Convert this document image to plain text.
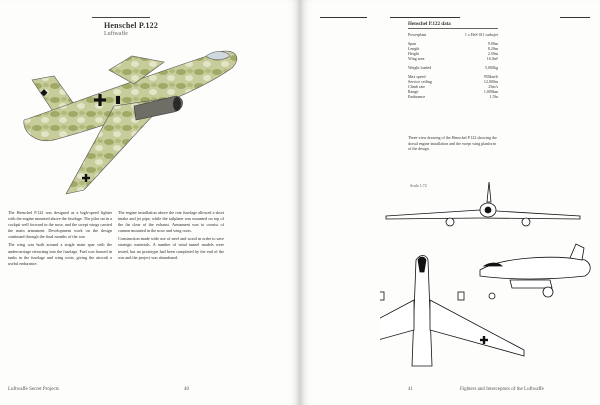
Henschel P.122
Luftwaffe

The Henschel P.122 was designed as a high-speed fighter with the engine mounted above the fuselage. The pilot sat in a cockpit well forward in the nose, and the swept wings carried the main armament. Development work on the design continued through the final months of the war.

The wing was built around a single main spar with the undercarriage retracting into the fuselage. Fuel was housed in tanks in the fuselage and wing roots, giving the aircraft a useful endurance.

The engine installation above the rear fuselage allowed a short intake and jet pipe, while the tailplane was mounted on top of the fin clear of the exhaust. Armament was to consist of cannon mounted in the nose and wing roots.

Construction made wide use of steel and wood in order to save strategic materials. A number of wind tunnel models were tested, but no prototype had been completed by the end of the war and the project was abandoned.

Luftwaffe Secret Projects	40
Henschel P.122 data
Powerplant	1 x HeS 011 turbojet
Span	9.00m
Length	8.20m
Height	2.50m
Wing area	16.0m²
Weight loaded	5,000kg
Max speed	950km/h
Service ceiling	12,000m
Climb rate	25m/s
Range	1,000km
Endurance	1.5hr
Three-view drawing of the Henschel P.122 showing the dorsal engine installation and the swept wing planform of the design.
Scale 1:72
41	Fighters and Interceptors of the Luftwaffe
